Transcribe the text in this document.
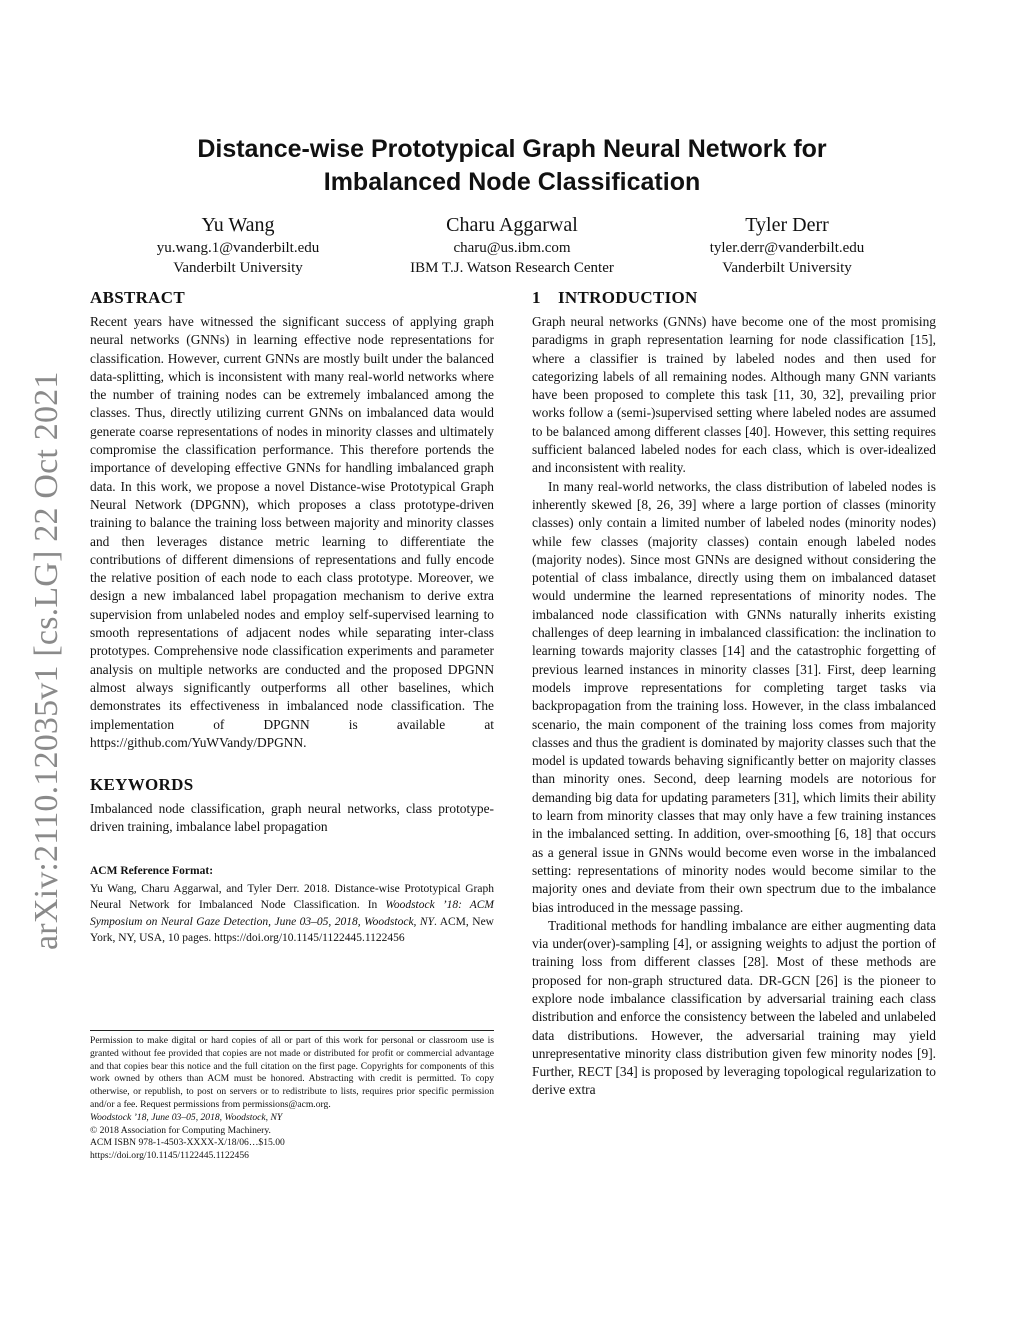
arXiv:2110.12035v1 [cs.LG] 22 Oct 2021
Distance-wise Prototypical Graph Neural Network for
Imbalanced Node Classification
Yu Wang
yu.wang.1@vanderbilt.edu
Vanderbilt University
Charu Aggarwal
charu@us.ibm.com
IBM T.J. Watson Research Center
Tyler Derr
tyler.derr@vanderbilt.edu
Vanderbilt University
ABSTRACT

Recent years have witnessed the significant success of applying graph neural networks (GNNs) in learning effective node representations for classification. However, current GNNs are mostly built under the balanced data-splitting, which is inconsistent with many real-world networks where the number of training nodes can be extremely imbalanced among the classes. Thus, directly utilizing current GNNs on imbalanced data would generate coarse representations of nodes in minority classes and ultimately compromise the classification performance. This therefore portends the importance of developing effective GNNs for handling imbalanced graph data. In this work, we propose a novel Distance-wise Prototypical Graph Neural Network (DPGNN), which proposes a class prototype-driven training to balance the training loss between majority and minority classes and then leverages distance metric learning to differentiate the contributions of different dimensions of representations and fully encode the relative position of each node to each class prototype. Moreover, we design a new imbalanced label propagation mechanism to derive extra supervision from unlabeled nodes and employ self-supervised learning to smooth representations of adjacent nodes while separating inter-class prototypes. Comprehensive node classification experiments and parameter analysis on multiple networks are conducted and the proposed DPGNN almost always significantly outperforms all other baselines, which demonstrates its effectiveness in imbalanced node classification. The implementation of DPGNN is available at https://github.com/YuWVandy/DPGNN.

KEYWORDS

Imbalanced node classification, graph neural networks, class prototype-driven training, imbalance label propagation

ACM Reference Format:

Yu Wang, Charu Aggarwal, and Tyler Derr. 2018. Distance-wise Prototypical Graph Neural Network for Imbalanced Node Classification. In Woodstock ’18: ACM Symposium on Neural Gaze Detection, June 03–05, 2018, Woodstock, NY. ACM, New York, NY, USA, 10 pages. https://doi.org/10.1145/1122445.1122456

Permission to make digital or hard copies of all or part of this work for personal or classroom use is granted without fee provided that copies are not made or distributed for profit or commercial advantage and that copies bear this notice and the full citation on the first page. Copyrights for components of this work owned by others than ACM must be honored. Abstracting with credit is permitted. To copy otherwise, or republish, to post on servers or to redistribute to lists, requires prior specific permission and/or a fee. Request permissions from permissions@acm.org.

Woodstock ’18, June 03–05, 2018, Woodstock, NY

© 2018 Association for Computing Machinery.

ACM ISBN 978-1-4503-XXXX-X/18/06…$15.00

https://doi.org/10.1145/1122445.1122456

1 INTRODUCTION

Graph neural networks (GNNs) have become one of the most promising paradigms in graph representation learning for node classification [15], where a classifier is trained by labeled nodes and then used for categorizing labels of all remaining nodes. Although many GNN variants have been proposed to complete this task [11, 30, 32], prevailing prior works follow a (semi-)supervised setting where labeled nodes are assumed to be balanced among different classes [40]. However, this setting requires sufficient balanced labeled nodes for each class, which is over-idealized and inconsistent with reality.

In many real-world networks, the class distribution of labeled nodes is inherently skewed [8, 26, 39] where a large portion of classes (minority classes) only contain a limited number of labeled nodes (minority nodes) while few classes (majority classes) contain enough labeled nodes (majority nodes). Since most GNNs are designed without considering the potential of class imbalance, directly using them on imbalanced dataset would undermine the learned representations of minority nodes. The imbalanced node classification with GNNs naturally inherits existing challenges of deep learning in imbalanced classification: the inclination to learning towards majority classes [14] and the catastrophic forgetting of previous learned instances in minority classes [31]. First, deep learning models improve representations for completing target tasks via backpropagation from the training loss. However, in the class imbalanced scenario, the main component of the training loss comes from majority classes and thus the gradient is dominated by majority classes such that the model is updated towards behaving significantly better on majority classes than minority ones. Second, deep learning models are notorious for demanding big data for updating parameters [31], which limits their ability to learn from minority classes that may only have a few training instances in the imbalanced setting. In addition, over-smoothing [6, 18] that occurs as a general issue in GNNs would become even worse in the imbalanced setting: representations of minority nodes would become similar to the majority ones and deviate from their own spectrum due to the imbalance bias introduced in the message passing.

Traditional methods for handling imbalance are either augmenting data via under(over)-sampling [4], or assigning weights to adjust the portion of training loss from different classes [28]. Most of these methods are proposed for non-graph structured data. DR-GCN [26] is the pioneer to explore node imbalance classification by adversarial training each class distribution and enforce the consistency between the labeled and unlabeled data distributions. However, the adversarial training may yield unrepresentative minority class distribution given few minority nodes [9]. Further, RECT [34] is proposed by leveraging topological regularization to derive extra
